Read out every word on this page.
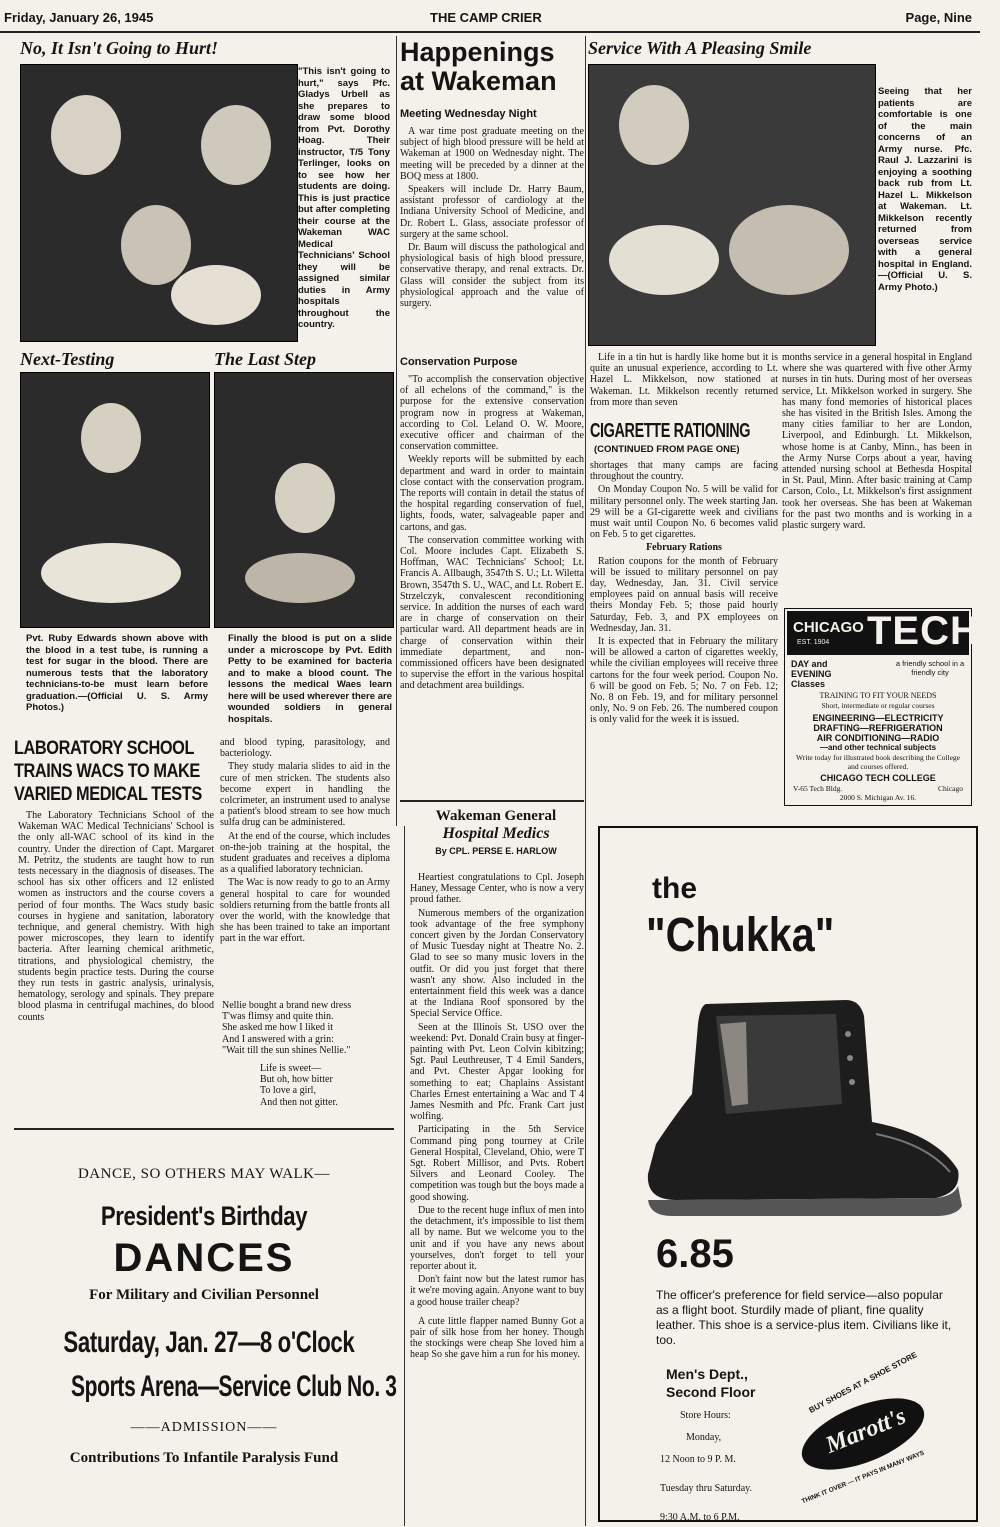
Friday, January 26, 1945	THE CAMP CRIER	Page, Nine
No, It Isn't Going to Hurt!
"This isn't going to hurt," says Pfc. Gladys Urbell as she prepares to draw some blood from Pvt. Dorothy Hoag. Their instructor, T/5 Tony Terlinger, looks on to see how her students are doing. This is just practice but after completing their course at the Wakeman WAC Medical Technicians' School they will be assigned similar duties in Army hospitals throughout the country.
Next-Testing	The Last Step
Pvt. Ruby Edwards shown above with the blood in a test tube, is running a test for sugar in the blood. There are numerous tests that the laboratory technicians-to-be must learn before graduation.—(Official U. S. Army Photos.)
Finally the blood is put on a slide under a microscope by Pvt. Edith Petty to be examined for bacteria and to make a blood count. The lessons the medical Waes learn here will be used wherever there are wounded soldiers in general hospitals.
LABORATORY SCHOOL
TRAINS WACS TO MAKE
VARIED MEDICAL TESTS

The Laboratory Technicians School of the Wakeman WAC Medical Technicians' School is the only all-WAC school of its kind in the country. Under the direction of Capt. Margaret M. Petritz, the students are taught how to run tests necessary in the diagnosis of diseases. The school has six other officers and 12 enlisted women as instructors and the course covers a period of four months. The Wacs study basic courses in hygiene and sanitation, laboratory technique, and general chemistry. With high power microscopes, they learn to identify bacteria. After learning chemical arithmetic, titrations, and physiological chemistry, the students begin practice tests. During the course they run tests in gastric analysis, urinalysis, hematology, serology and spinals. They prepare blood plasma in centrifugal machines, do blood counts

and blood typing, parasitology, and bacteriology.

They study malaria slides to aid in the cure of men stricken. The students also become expert in handling the colcrimeter, an instrument used to analyse a patient's blood stream to see how much sulfa drug can be administered.

At the end of the course, which includes on-the-job training at the hospital, the student graduates and receives a diploma as a qualified laboratory technician.

The Wac is now ready to go to an Army general hospital to care for wounded soldiers returning from the battle fronts all over the world, with the knowledge that she has been trained to take an important part in the war effort.

Nellie bought a brand new dress
T'was flimsy and quite thin.
She asked me how I liked it
And I answered with a grin:
"Wait till the sun shines Nellie."
Life is sweet—
But oh, how bitter
To love a girl,
And then not gitter.
DANCE, SO OTHERS MAY WALK—
President's Birthday
DANCES
For Military and Civilian Personnel
Saturday, Jan. 27—8 o'Clock
Sports Arena—Service Club No. 3
——ADMISSION——
Contributions To Infantile Paralysis Fund
Happenings
at Wakeman
Meeting Wednesday Night

A war time post graduate meeting on the subject of high blood pressure will be held at Wakeman at 1900 on Wednesday night. The meeting will be preceded by a dinner at the BOQ mess at 1800.

Speakers will include Dr. Harry Baum, assistant professor of cardiology at the Indiana University School of Medicine, and Dr. Robert L. Glass, associate professor of surgery at the same school.

Dr. Baum will discuss the pathological and physiological basis of high blood pressure, conservative therapy, and renal extracts. Dr. Glass will consider the subject from its physiological approach and the value of surgery.

Conservation Purpose

"To accomplish the conservation objective of all echelons of the command," is the purpose for the extensive conservation program now in progress at Wakeman, according to Col. Leland O. W. Moore, executive officer and chairman of the conservation committee.

Weekly reports will be submitted by each department and ward in order to maintain close contact with the conservation program. The reports will contain in detail the status of the hospital regarding conservation of fuel, lights, foods, water, salvageable paper and cartons, and gas.

The conservation committee working with Col. Moore includes Capt. Elizabeth S. Hoffman, WAC Technicians' School; Lt. Francis A. Allbaugh, 3547th S. U.; Lt. Wiletta Brown, 3547th S. U., WAC, and Lt. Robert E. Strzelczyk, convalescent reconditioning service. In addition the nurses of each ward are in charge of conservation on their particular ward. All department heads are in charge of conservation within their immediate department, and non-commissioned officers have been designated to supervise the effort in the various hospital and detachment area buildings.

Wakeman General
Hospital Medics
By CPL. PERSE E. HARLOW

Heartiest congratulations to Cpl. Joseph Haney, Message Center, who is now a very proud father.

Numerous members of the organization took advantage of the free symphony concert given by the Jordan Conservatory of Music Tuesday night at Theatre No. 2. Glad to see so many music lovers in the outfit. Or did you just forget that there wasn't any show. Also included in the entertainment field this week was a dance at the Indiana Roof sponsored by the Special Service Office.

Seen at the Illinois St. USO over the weekend: Pvt. Donald Crain busy at finger-painting with Pvt. Leon Colvin kibitzing; Sgt. Paul Leuthreuser, T 4 Emil Sanders, and Pvt. Chester Apgar looking for something to eat; Chaplains Assistant Charles Ernest entertaining a Wac and T 4 James Nesmith and Pfc. Frank Cart just wolfing.

Participating in the 5th Service Command ping pong tourney at Crile General Hospital, Cleveland, Ohio, were T Sgt. Robert Millisor, and Pvts. Robert Silvers and Leonard Cooley. The competition was tough but the boys made a good showing.

Due to the recent huge influx of men into the detachment, it's impossible to list them all by name. But we welcome you to the unit and if you have any news about yourselves, don't forget to tell your reporter about it.

Don't faint now but the latest rumor has it we're moving again. Anyone want to buy a good house trailer cheap?

A cute little flapper named Bunny Got a pair of silk hose from her honey. Though the stockings were cheap She loved him a heap So she gave him a run for his money.

Service With A Pleasing Smile
Seeing that her patients are comfortable is one of the main concerns of an Army nurse. Pfc. Raul J. Lazzarini is enjoying a soothing back rub from Lt. Hazel L. Mikkelson at Wakeman. Lt. Mikkelson recently returned from overseas service with a general hospital in England. —(Official U. S. Army Photo.)

Life in a tin hut is hardly like home but it is quite an unusual experience, according to Lt. Hazel L. Mikkelson, now stationed at Wakeman. Lt. Mikkelson recently returned from more than seven

months service in a general hospital in England where she was quartered with five other Army nurses in tin huts. During most of her overseas service, Lt. Mikkelson worked in surgery. She has many fond memories of historical places she has visited in the British Isles. Among the many cities familiar to her are London, Liverpool, and Edinburgh. Lt. Mikkelson, whose home is at Canby, Minn., has been in the Army Nurse Corps about a year, having attended nursing school at Bethesda Hospital in St. Paul, Minn. After basic training at Camp Carson, Colo., Lt. Mikkelson's first assignment took her overseas. She has been at Wakeman for the past two months and is working in a plastic surgery ward.

CIGARETTE RATIONING
(CONTINUED FROM PAGE ONE)

shortages that many camps are facing throughout the country.

On Monday Coupon No. 5 will be valid for military personnel only. The week starting Jan. 29 will be a GI-cigarette week and civilians must wait until Coupon No. 6 becomes valid on Feb. 5 to get cigarettes.

February Rations

Ration coupons for the month of February will be issued to military personnel on pay day, Wednesday, Jan. 31. Civil service employees paid on annual basis will receive theirs Monday Feb. 5; those paid hourly Saturday, Feb. 3, and PX employees on Wednesday, Jan. 31.

It is expected that in February the military will be allowed a carton of cigarettes weekly, while the civilian employees will receive three cartons for the four week period. Coupon No. 6 will be good on Feb. 5; No. 7 on Feb. 12; No. 8 on Feb. 19, and for military personnel only, No. 9 on Feb. 26. The numbered coupon is only valid for the week it is issued.

CHICAGO
EST. 1904 TECH
DAY and
EVENING
Classes
a friendly school in a friendly city
TRAINING TO FIT YOUR NEEDS
Short, intermediate or regular courses
ENGINEERING—ELECTRICITY
DRAFTING—REFRIGERATION
AIR CONDITIONING—RADIO
—and other technical subjects
Write today for illustrated book describing the College and courses offered.
CHICAGO TECH COLLEGE
V-65 Tech Bldg.	Chicago
2000 S. Michigan Av. 16.
the
"Chukka"
6.85
The officer's preference for field service—also popular as a flight boot. Sturdily made of pliant, fine quality leather. This shoe is a service-plus item. Civilians like it, too.
Men's Dept.,
Second Floor
Store Hours:
Monday,
12 Noon to 9 P. M.
Tuesday thru Saturday.
9:30 A.M. to 6 P.M.
BUY SHOES AT A SHOE STORE
Marott's
THINK IT OVER — IT PAYS IN MANY WAYS
